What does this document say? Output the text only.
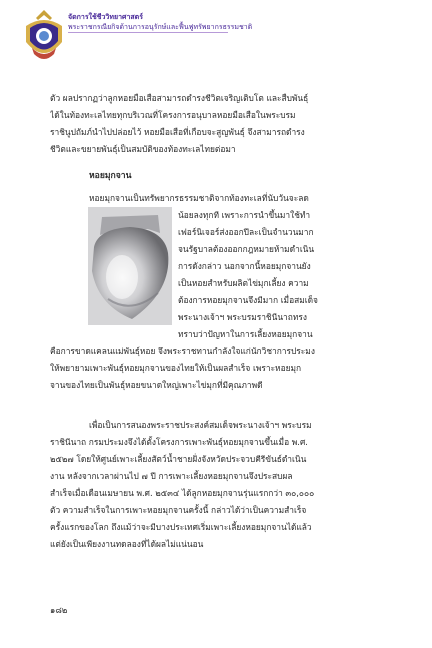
จัดการใช้ชีววิทยาศาสตร์
พระราชกรณียกิจด้านการอนุรักษ์และฟื้นฟูทรัพยากรธรรมชาติ
ตัว ผลปรากฏว่าลูกหอยมือเสือสามารถดำรงชีวิตเจริญเติบโต และสืบพันธุ์
ได้ในท้องทะเลไทยทุกบริเวณที่โครงการอนุบาลหอยมือเสือในพระบรม
ราชินูปถัมภ์นำไปปล่อยไว้ หอยมือเสือที่เกือบจะสูญพันธุ์ จึงสามารถดำรง
ชีวิตและขยายพันธุ์เป็นสมบัติของท้องทะเลไทยต่อมา
หอยมุกจาน
หอยมุกจานเป็นทรัพยากรธรรมชาติจากท้องทะเลที่นับวันจะลด
น้อยลงทุกที เพราะการนำขึ้นมาใช้ทำ
เฟอร์นิเจอร์ส่งออกปีละเป็นจำนวนมาก
จนรัฐบาลต้องออกกฎหมายห้ามดำเนิน
การดังกล่าว นอกจากนี้หอยมุกจานยัง
เป็นหอยสำหรับผลิตไข่มุกเลี้ยง ความ
ต้องการหอยมุกจานจึงมีมาก เมื่อสมเด็จ
พระนางเจ้าฯ พระบรมราชินีนาถทรง
ทราบว่าปัญหาในการเลี้ยงหอยมุกจาน
คือการขาดแคลนแม่พันธุ์หอย จึงพระราชทานกำลังใจแก่นักวิชาการประมง
ให้พยายามเพาะพันธุ์หอยมุกจานของไทยให้เป็นผลสำเร็จ เพราะหอยมุก
จานของไทยเป็นพันธุ์หอยขนาดใหญ่เพาะไข่มุกที่มีคุณภาพดี
เพื่อเป็นการสนองพระราชประสงค์สมเด็จพระนางเจ้าฯ พระบรม
ราชินีนาถ กรมประมงจึงได้ตั้งโครงการเพาะพันธุ์หอยมุกจานขึ้นเมื่อ พ.ศ.
๒๕๒๗ โดยให้ศูนย์เพาะเลี้ยงสัตว์น้ำชายฝั่งจังหวัดประจวบคีรีขันธ์ดำเนิน
งาน หลังจากเวลาผ่านไป ๗ ปี การเพาะเลี้ยงหอยมุกจานจึงประสบผล
สำเร็จเมื่อเดือนเมษายน พ.ศ. ๒๕๓๔ ได้ลูกหอยมุกจานรุ่นแรกกว่า ๓๐,๐๐๐
ตัว ความสำเร็จในการเพาะหอยมุกจานครั้งนี้ กล่าวได้ว่าเป็นความสำเร็จ
ครั้งแรกของโลก ถึงแม้ว่าจะมีบางประเทศเริ่มเพาะเลี้ยงหอยมุกจานได้แล้ว
แต่ยังเป็นเพียงงานทดลองที่ได้ผลไม่แน่นอน
๑๘๒
